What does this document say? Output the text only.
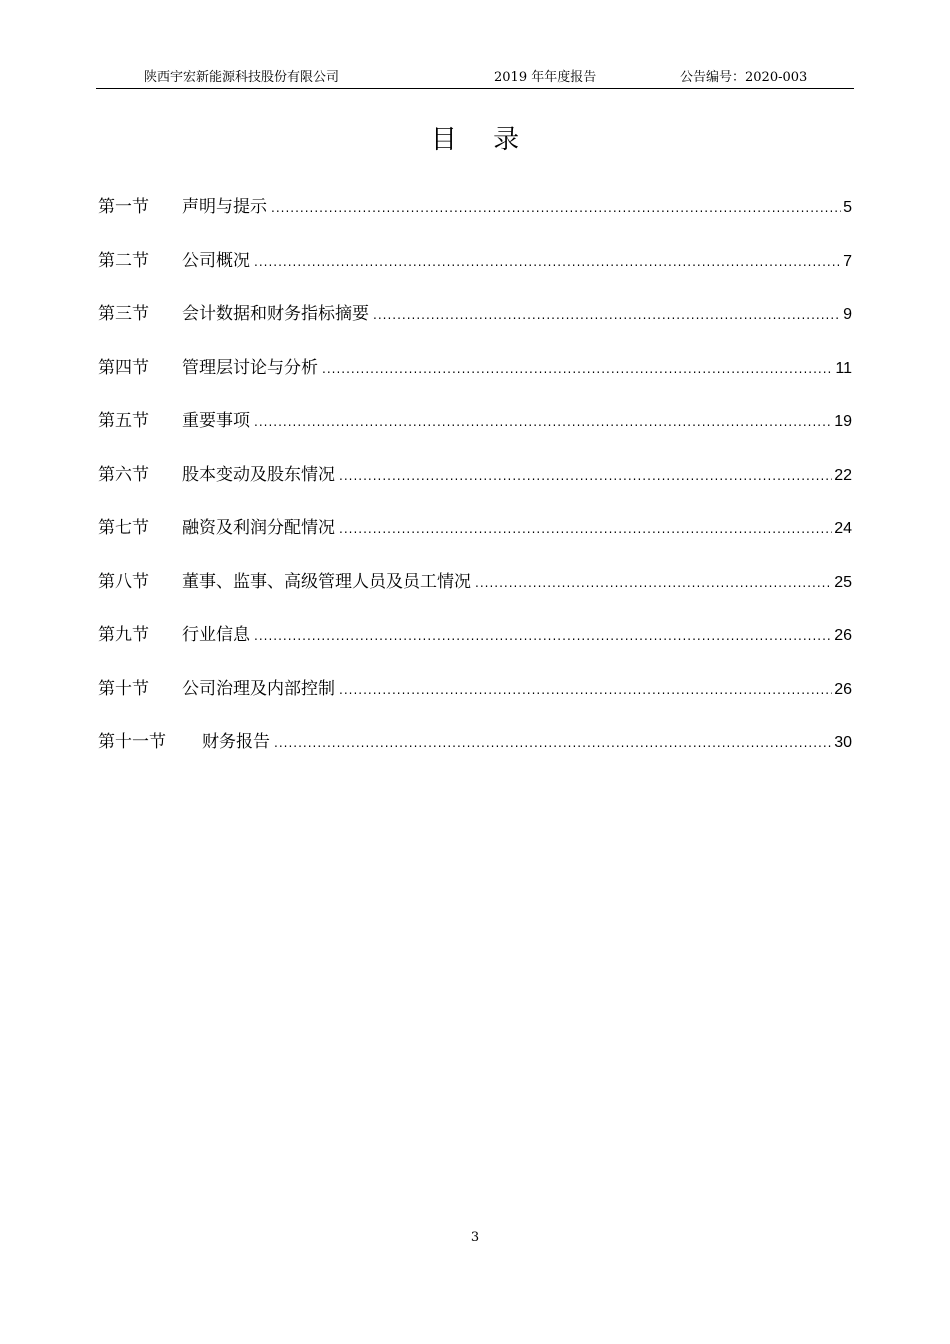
陕西宇宏新能源科技股份有限公司	2019 年年度报告	公告编号：2020-003
目 录
第一节	声明与提示 .....	5
第二节	公司概况 .....	7
第三节	会计数据和财务指标摘要 .....	9
第四节	管理层讨论与分析 .....	11
第五节	重要事项 .....	19
第六节	股本变动及股东情况 .....	22
第七节	融资及利润分配情况 .....	24
第八节	董事、监事、高级管理人员及员工情况 .....	25
第九节	行业信息 .....	26
第十节	公司治理及内部控制 .....	26
第十一节	财务报告 .....	30
3
